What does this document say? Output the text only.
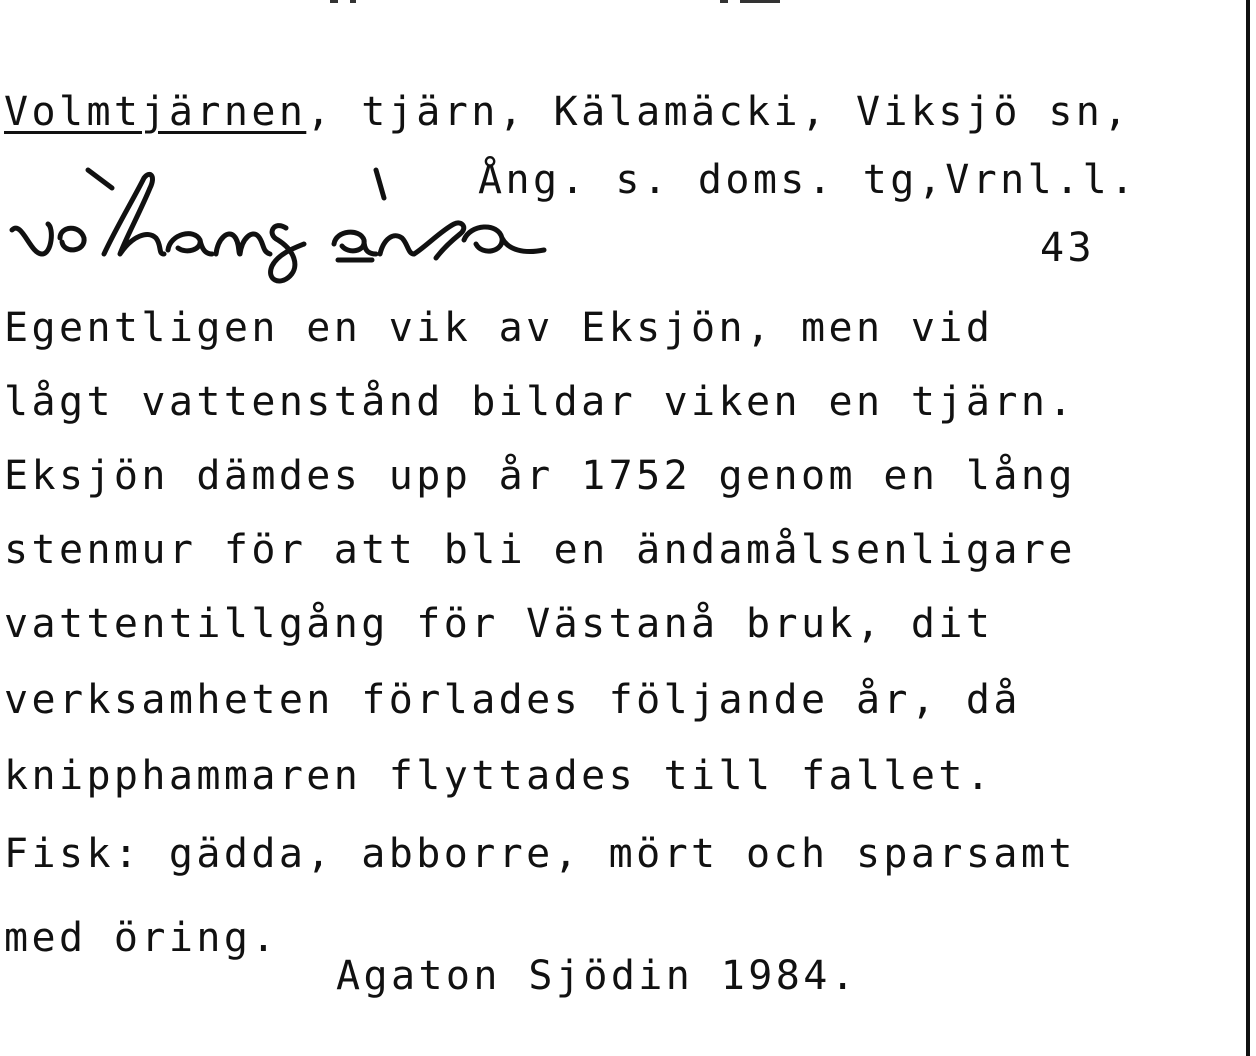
Volmtjärnen, tjärn, Kälamäcki, Viksjö sn,
Ång. s. doms. tg,Vrnl.l.
43
Egentligen en vik av Eksjön, men vid
lågt vattenstånd bildar viken en tjärn.
Eksjön dämdes upp år 1752 genom en lång
stenmur för att bli en ändamålsenligare
vattentillgång för Västanå bruk, dit
verksamheten förlades följande år, då
knipphammaren flyttades till fallet.
Fisk: gädda, abborre, mört och sparsamt
med öring.
Agaton Sjödin 1984.
